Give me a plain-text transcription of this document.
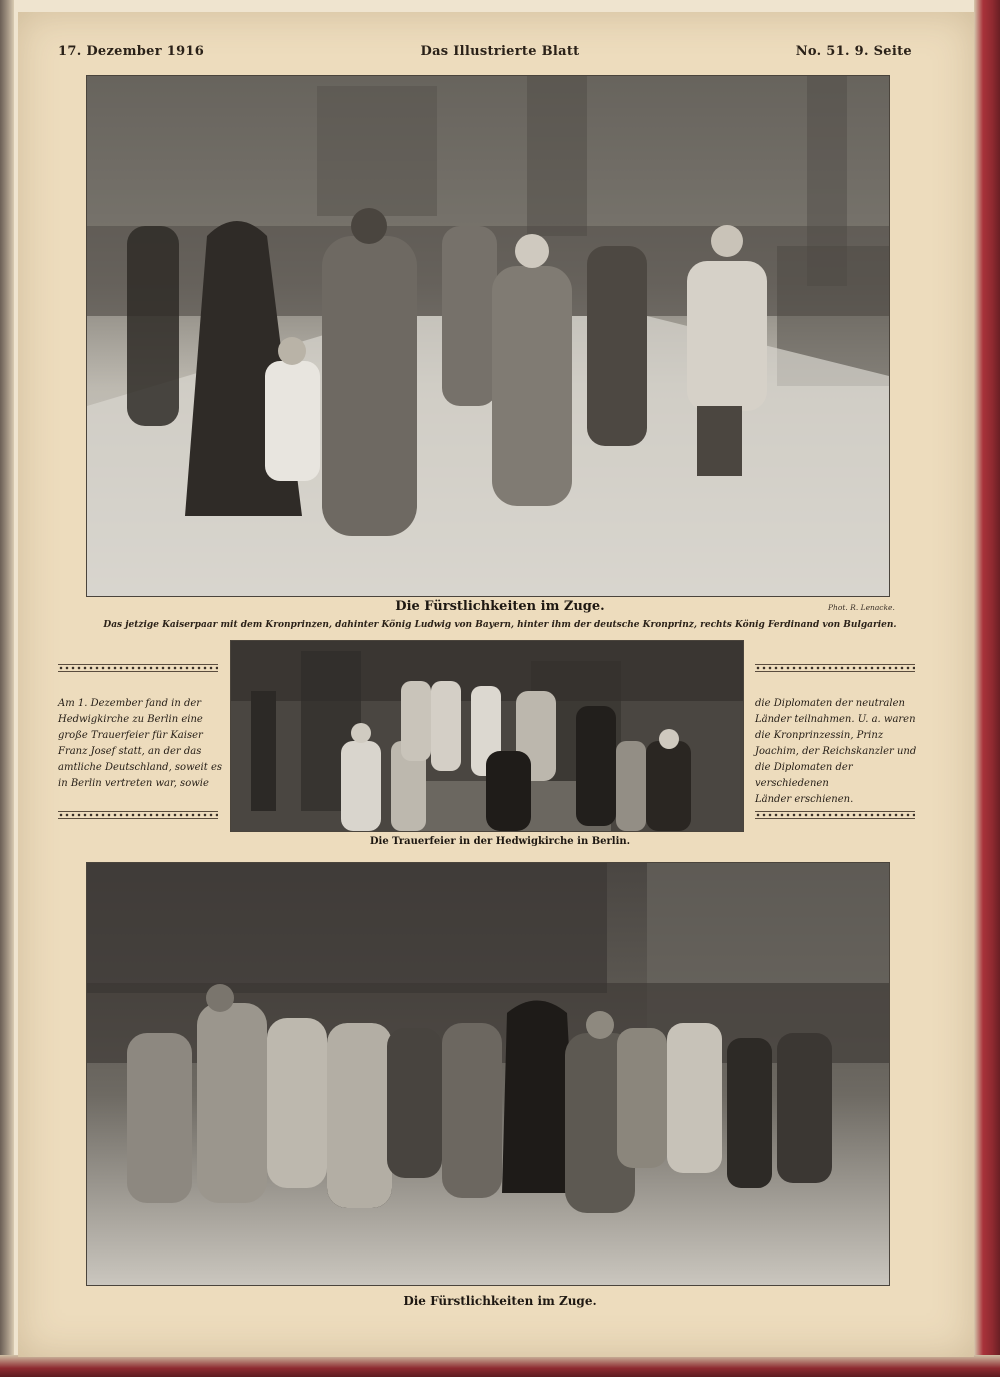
17. Dezember 1916	Das Illustrierte Blatt	No. 51. 9. Seite
Die Fürstlichkeiten im Zuge.	Phot. R. Lenacke.
Das jetzige Kaiserpaar mit dem Kronprinzen, dahinter König Ludwig von Bayern, hinter ihm der deutsche Kronprinz, rechts König Ferdinand von Bulgarien.
Am 1. Dezember fand in der
Hedwigkirche zu Berlin eine
große Trauerfeier für Kaiser
Franz Josef statt, an der das
amtliche Deutschland, soweit es
in Berlin vertreten war, sowie
die Diplomaten der neutralen
Länder teilnahmen. U. a. waren
die Kronprinzessin, Prinz
Joachim, der Reichskanzler und
die Diplomaten der verschiedenen
Länder erschienen.
Die Trauerfeier in der Hedwigkirche in Berlin.
Die Fürstlichkeiten im Zuge.
